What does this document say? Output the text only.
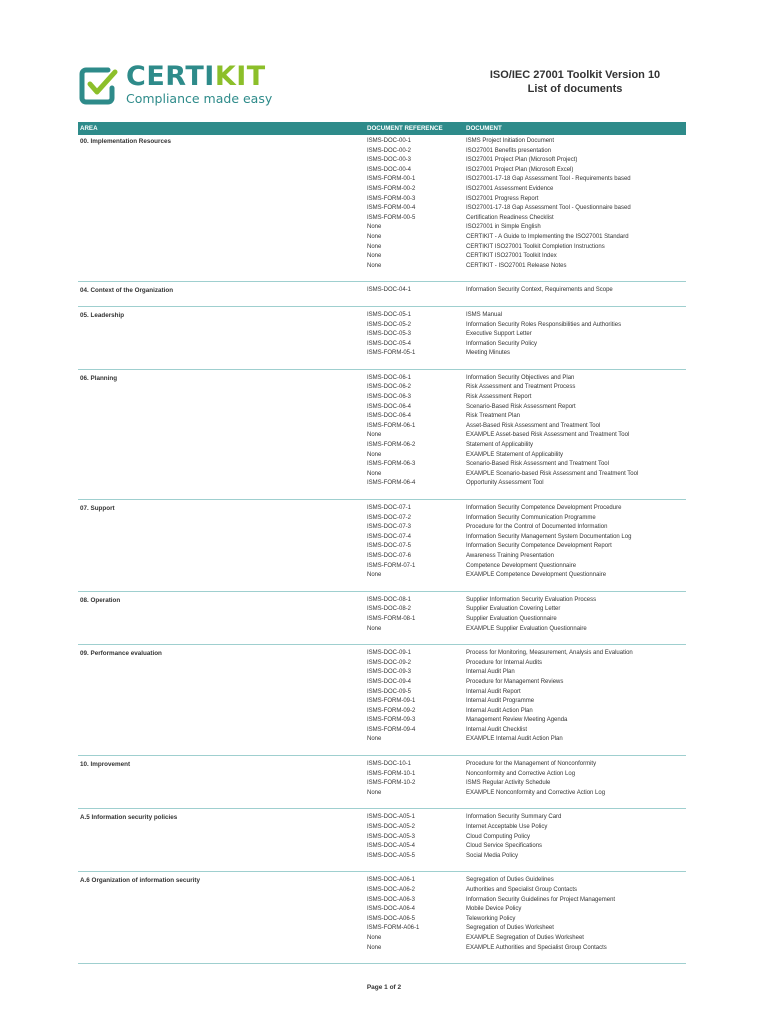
CERTIKIT
Compliance made easy
ISO/IEC 27001 Toolkit Version 10
List of documents
AREA	DOCUMENT REFERENCE	DOCUMENT
00. Implementation Resources	ISMS-DOC-00-1	ISMS Project Initiation Document
ISMS-DOC-00-2	ISO27001 Benefits presentation
ISMS-DOC-00-3	ISO27001 Project Plan (Microsoft Project)
ISMS-DOC-00-4	ISO27001 Project Plan (Microsoft Excel)
ISMS-FORM-00-1	ISO27001-17-18 Gap Assessment Tool - Requirements based
ISMS-FORM-00-2	ISO27001 Assessment Evidence
ISMS-FORM-00-3	ISO27001 Progress Report
ISMS-FORM-00-4	ISO27001-17-18 Gap Assessment Tool - Questionnaire based
ISMS-FORM-00-5	Certification Readiness Checklist
None	ISO27001 in Simple English
None	CERTIKIT - A Guide to Implementing the ISO27001 Standard
None	CERTIKIT ISO27001 Toolkit Completion Instructions
None	CERTIKIT ISO27001 Toolkit Index
None	CERTIKIT - ISO27001 Release Notes
04. Context of the Organization	ISMS-DOC-04-1	Information Security Context, Requirements and Scope
05. Leadership	ISMS-DOC-05-1	ISMS Manual
ISMS-DOC-05-2	Information Security Roles Responsibilities and Authorities
ISMS-DOC-05-3	Executive Support Letter
ISMS-DOC-05-4	Information Security Policy
ISMS-FORM-05-1	Meeting Minutes
06. Planning	ISMS-DOC-06-1	Information Security Objectives and Plan
ISMS-DOC-06-2	Risk Assessment and Treatment Process
ISMS-DOC-06-3	Risk Assessment Report
ISMS-DOC-06-4	Scenario-Based Risk Assessment Report
ISMS-DOC-06-4	Risk Treatment Plan
ISMS-FORM-06-1	Asset-Based Risk Assessment and Treatment Tool
None	EXAMPLE Asset-based Risk Assessment and Treatment Tool
ISMS-FORM-06-2	Statement of Applicability
None	EXAMPLE Statement of Applicability
ISMS-FORM-06-3	Scenario-Based Risk Assessment and Treatment Tool
None	EXAMPLE Scenario-based Risk Assessment and Treatment Tool
ISMS-FORM-06-4	Opportunity Assessment Tool
07. Support	ISMS-DOC-07-1	Information Security Competence Development Procedure
ISMS-DOC-07-2	Information Security Communication Programme
ISMS-DOC-07-3	Procedure for the Control of Documented Information
ISMS-DOC-07-4	Information Security Management System Documentation Log
ISMS-DOC-07-5	Information Security Competence Development Report
ISMS-DOC-07-6	Awareness Training Presentation
ISMS-FORM-07-1	Competence Development Questionnaire
None	EXAMPLE Competence Development Questionnaire
08. Operation	ISMS-DOC-08-1	Supplier Information Security Evaluation Process
ISMS-DOC-08-2	Supplier Evaluation Covering Letter
ISMS-FORM-08-1	Supplier Evaluation Questionnaire
None	EXAMPLE Supplier Evaluation Questionnaire
09. Performance evaluation	ISMS-DOC-09-1	Process for Monitoring, Measurement, Analysis and Evaluation
ISMS-DOC-09-2	Procedure for Internal Audits
ISMS-DOC-09-3	Internal Audit Plan
ISMS-DOC-09-4	Procedure for Management Reviews
ISMS-DOC-09-5	Internal Audit Report
ISMS-FORM-09-1	Internal Audit Programme
ISMS-FORM-09-2	Internal Audit Action Plan
ISMS-FORM-09-3	Management Review Meeting Agenda
ISMS-FORM-09-4	Internal Audit Checklist
None	EXAMPLE Internal Audit Action Plan
10. Improvement	ISMS-DOC-10-1	Procedure for the Management of Nonconformity
ISMS-FORM-10-1	Nonconformity and Corrective Action Log
ISMS-FORM-10-2	ISMS Regular Activity Schedule
None	EXAMPLE Nonconformity and Corrective Action Log
A.5 Information security policies	ISMS-DOC-A05-1	Information Security Summary Card
ISMS-DOC-A05-2	Internet Acceptable Use Policy
ISMS-DOC-A05-3	Cloud Computing Policy
ISMS-DOC-A05-4	Cloud Service Specifications
ISMS-DOC-A05-5	Social Media Policy
A.6 Organization of information security	ISMS-DOC-A06-1	Segregation of Duties Guidelines
ISMS-DOC-A06-2	Authorities and Specialist Group Contacts
ISMS-DOC-A06-3	Information Security Guidelines for Project Management
ISMS-DOC-A06-4	Mobile Device Policy
ISMS-DOC-A06-5	Teleworking Policy
ISMS-FORM-A06-1	Segregation of Duties Worksheet
None	EXAMPLE Segregation of Duties Worksheet
None	EXAMPLE Authorities and Specialist Group Contacts
Page 1 of 2
